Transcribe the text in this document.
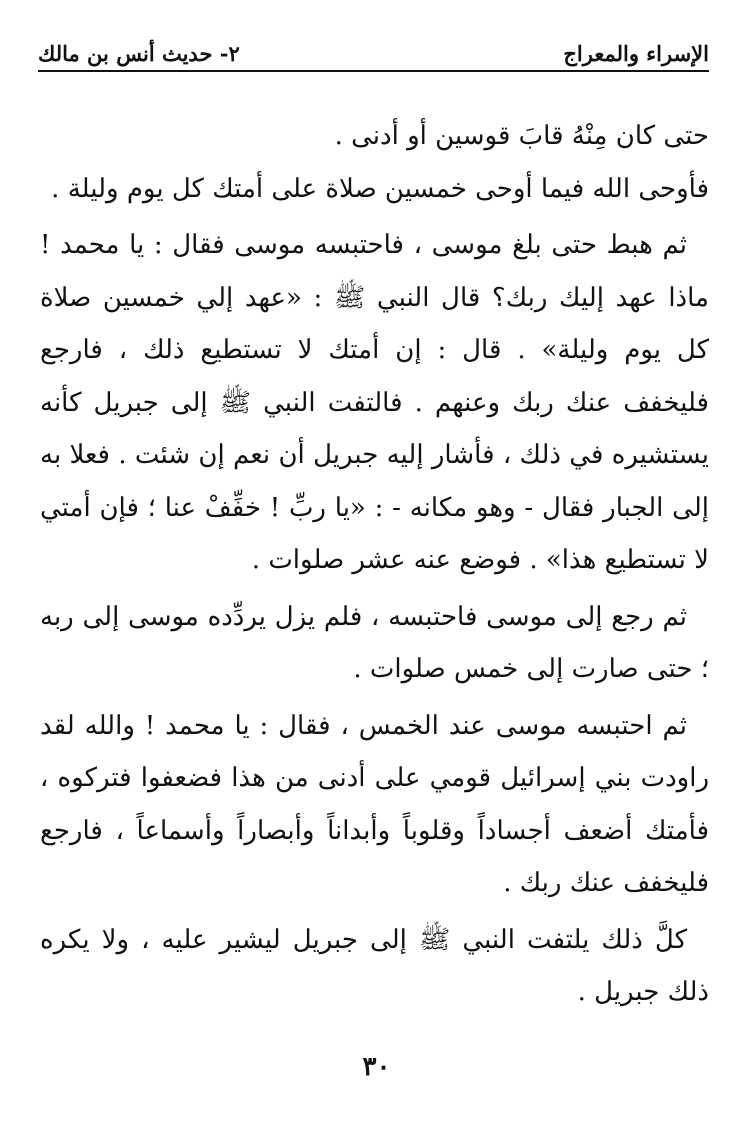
الإسراء والمعراج
٢- حديث أنس بن مالك

حتى كان مِنْهُ قابَ قوسين أو أدنى .

فأوحى الله فيما أوحى خمسين صلاة على أمتك كل يوم وليلة .

ثم هبط حتى بلغ موسى ، فاحتبسه موسى فقال : يا محمد ! ماذا عهد إليك ربك؟ قال النبي ﷺ : «عهد إلي خمسين صلاة كل يوم وليلة» . قال : إن أمتك لا تستطيع ذلك ، فارجع فليخفف عنك ربك وعنهم . فالتفت النبي ﷺ إلى جبريل كأنه يستشيره في ذلك ، فأشار إليه جبريل أن نعم إن شئت . فعلا به إلى الجبار فقال - وهو مكانه - : «يا ربِّ ! خفِّفْ عنا ؛ فإن أمتي لا تستطيع هذا» . فوضع عنه عشر صلوات .

ثم رجع إلى موسى فاحتبسه ، فلم يزل يردِّده موسى إلى ربه ؛ حتى صارت إلى خمس صلوات .

ثم احتبسه موسى عند الخمس ، فقال : يا محمد ! والله لقد راودت بني إسرائيل قومي على أدنى من هذا فضعفوا فتركوه ، فأمتك أضعف أجساداً وقلوباً وأبداناً وأبصاراً وأسماعاً ، فارجع فليخفف عنك ربك .

كلَّ ذلك يلتفت النبي ﷺ إلى جبريل ليشير عليه ، ولا يكره ذلك جبريل .

٣٠
